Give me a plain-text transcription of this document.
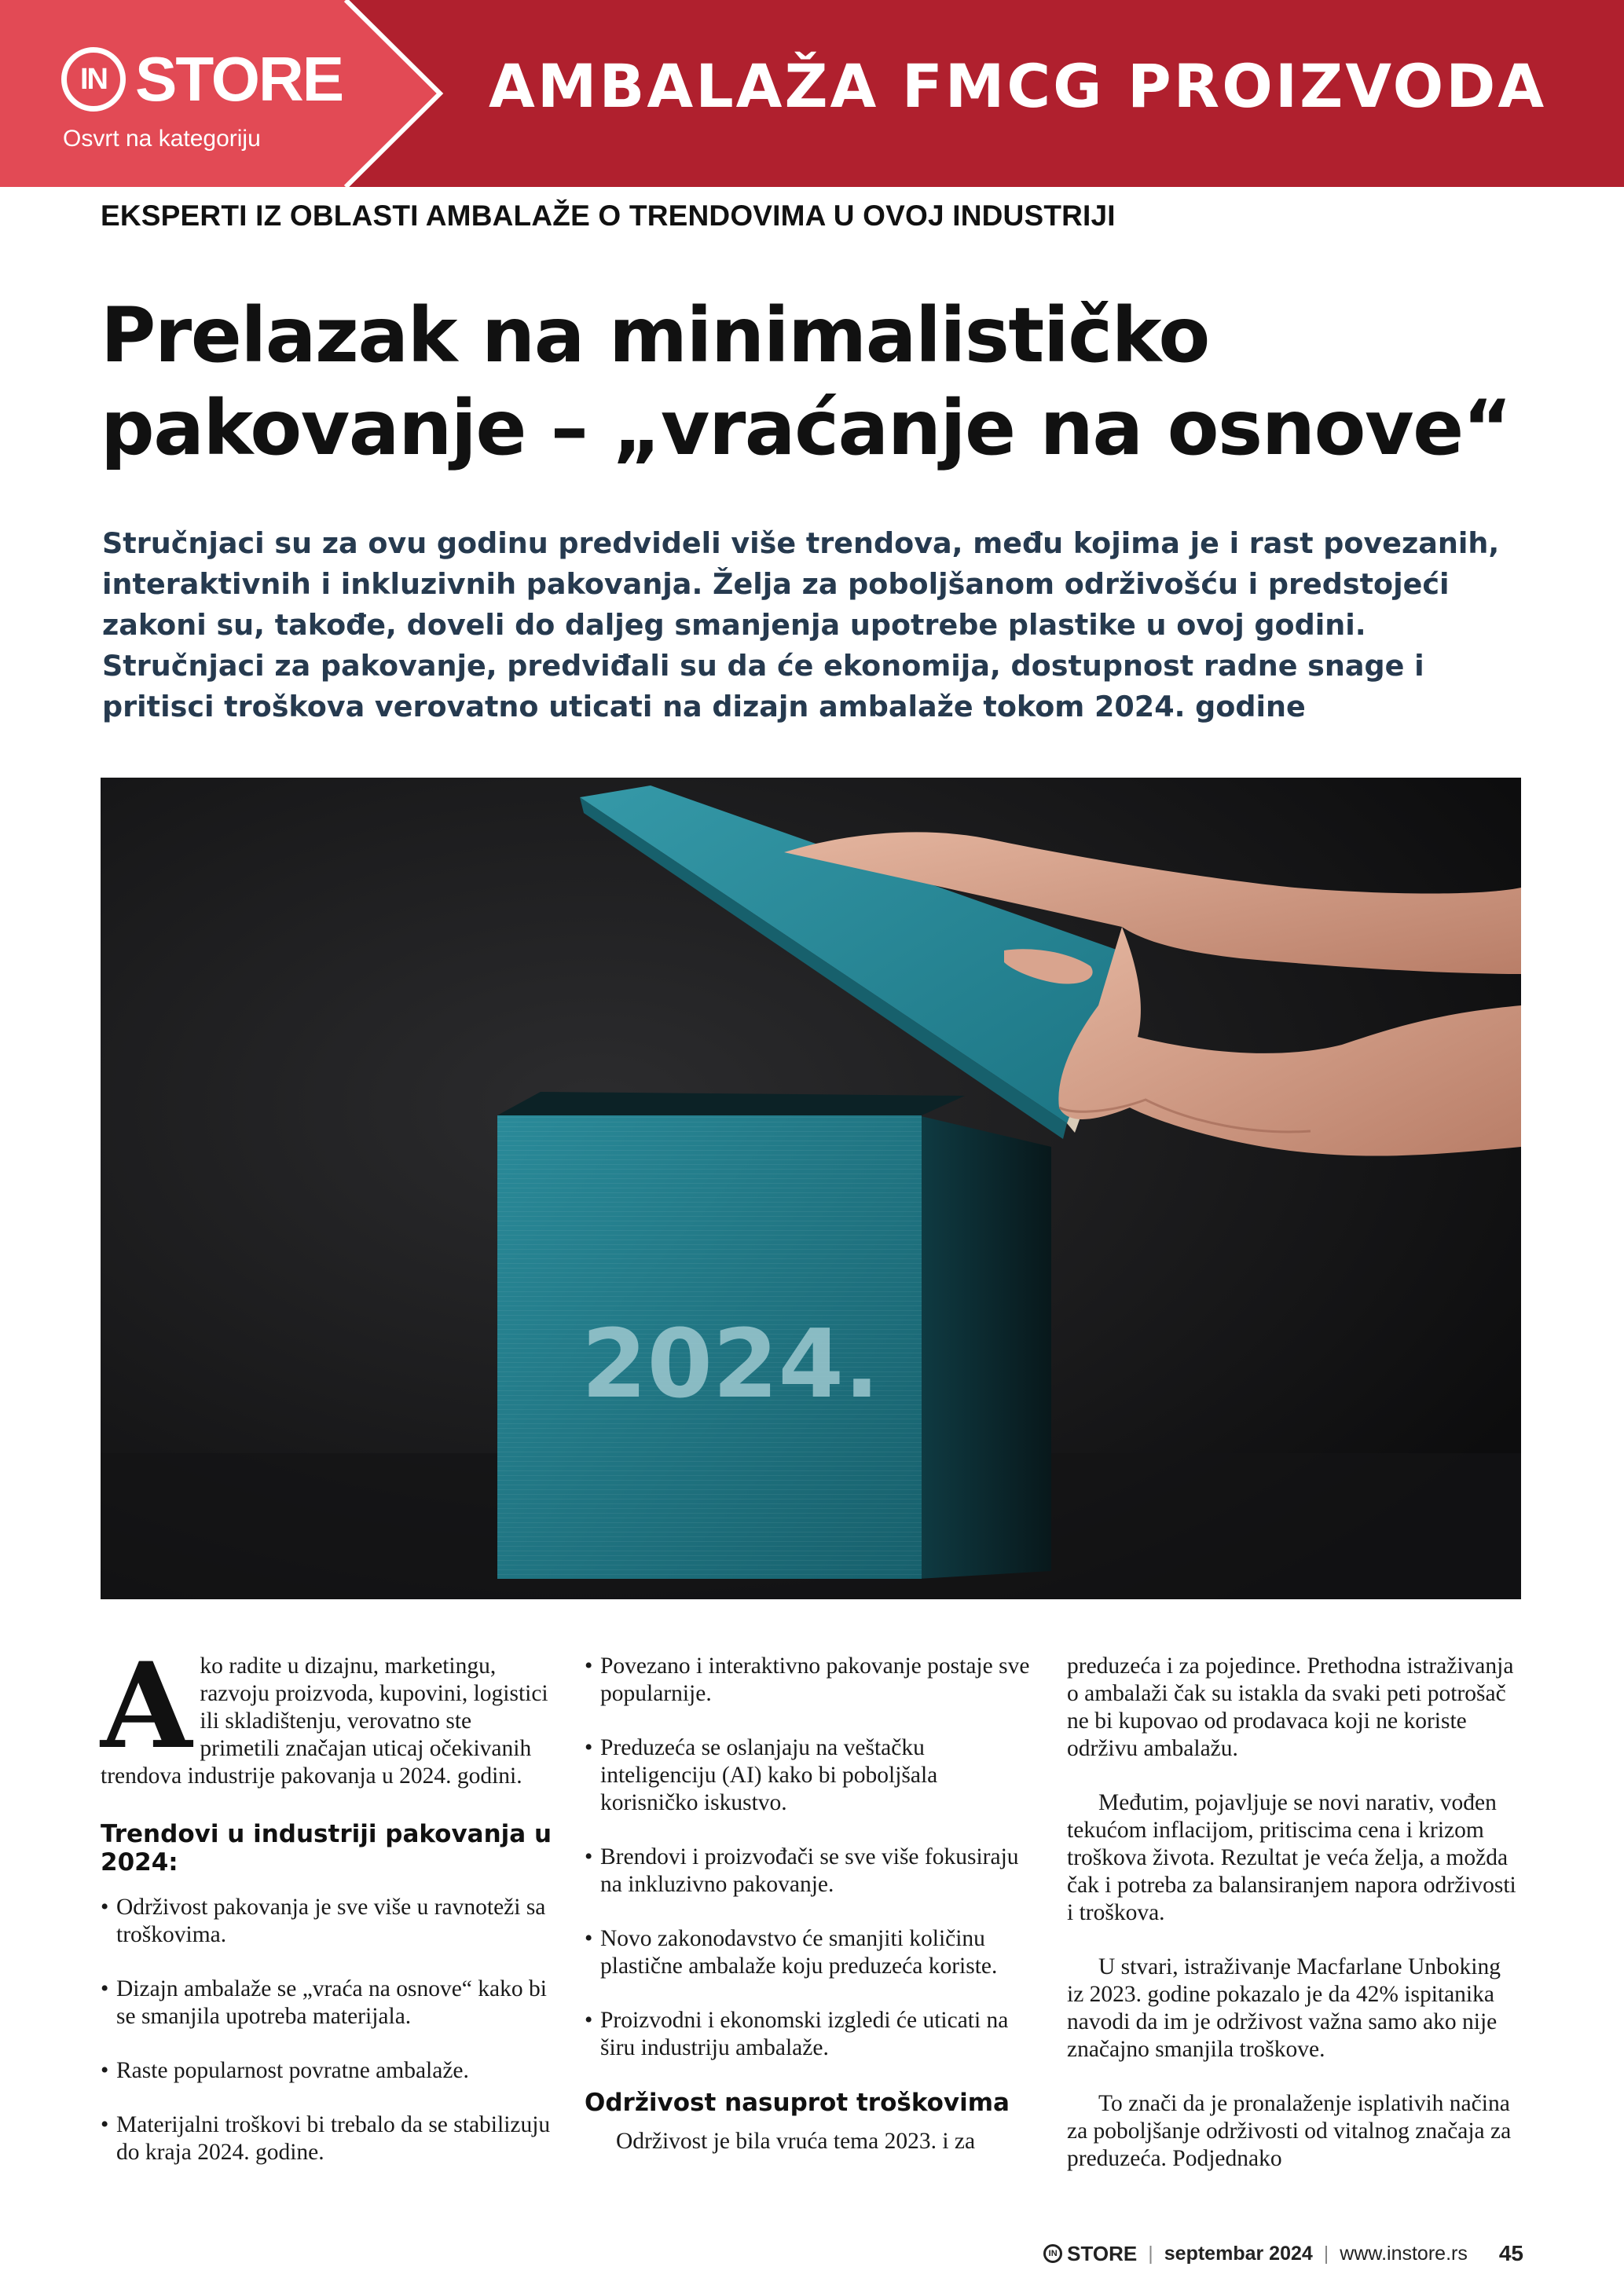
IN STORE
Osvrt na kategoriju
AMBALAŽA FMCG PROIZVODA
EKSPERTI IZ OBLASTI AMBALAŽE O TRENDOVIMA U OVOJ INDUSTRIJI
Prelazak na minimalističko
pakovanje – „vraćanje na osnove“

Stručnjaci su za ovu godinu predvideli više trendova, među kojima je i rast povezanih, interaktivnih i inkluzivnih pakovanja. Želja za poboljšanom održivošću i predstojeći zakoni su, takođe, doveli do daljeg smanjenja upotrebe plastike u ovoj godini. Stručnjaci za pakovanje, predviđali su da će ekonomija, dostupnost radne snage i pritisci troškova verovatno uticati na dizajn ambalaže tokom 2024. godine

2024.

Ako radite u dizajnu, marketingu, razvoju proizvoda, kupovini, logistici ili skladištenju, verovatno ste primetili značajan uticaj očekivanih trendova industrije pakovanja u 2024. godini.

Trendovi u industriji pakovanja u 2024:
• Održivost pakovanja je sve više u ravnoteži sa troškovima.
• Dizajn ambalaže se „vraća na osnove“ kako bi se smanjila upotreba materijala.
• Raste popularnost povratne ambalaže.
• Materijalni troškovi bi trebalo da se stabilizuju do kraja 2024. godine.
• Povezano i interaktivno pakovanje postaje sve popularnije.
• Preduzeća se oslanjaju na veštačku inteligenciju (AI) kako bi poboljšala korisničko iskustvo.
• Brendovi i proizvođači se sve više fokusiraju na inkluzivno pakovanje.
• Novo zakonodavstvo će smanjiti količinu plastične ambalaže koju preduzeća koriste.
• Proizvodni i ekonomski izgledi će uticati na širu industriju ambalaže.
Održivost nasuprot troškovima

Održivost je bila vruća tema 2023. i za

preduzeća i za pojedince. Prethodna istraživanja o ambalaži čak su istakla da svaki peti potrošač ne bi kupovao od prodavaca koji ne koriste održivu ambalažu.

Međutim, pojavljuje se novi narativ, vođen tekućom inflacijom, pritiscima cena i krizom troškova života. Rezultat je veća želja, a možda čak i potreba za balansiranjem napora održivosti i troškova.

U stvari, istraživanje Macfarlane Unboking iz 2023. godine pokazalo je da 42% ispitanika navodi da im je održivost važna samo ako nije značajno smanjila troškove.

To znači da je pronalaženje isplativih načina za poboljšanje održivosti od vitalnog značaja za preduzeća. Podjednako

IN STORE | septembar 2024 | www.instore.rs 45
